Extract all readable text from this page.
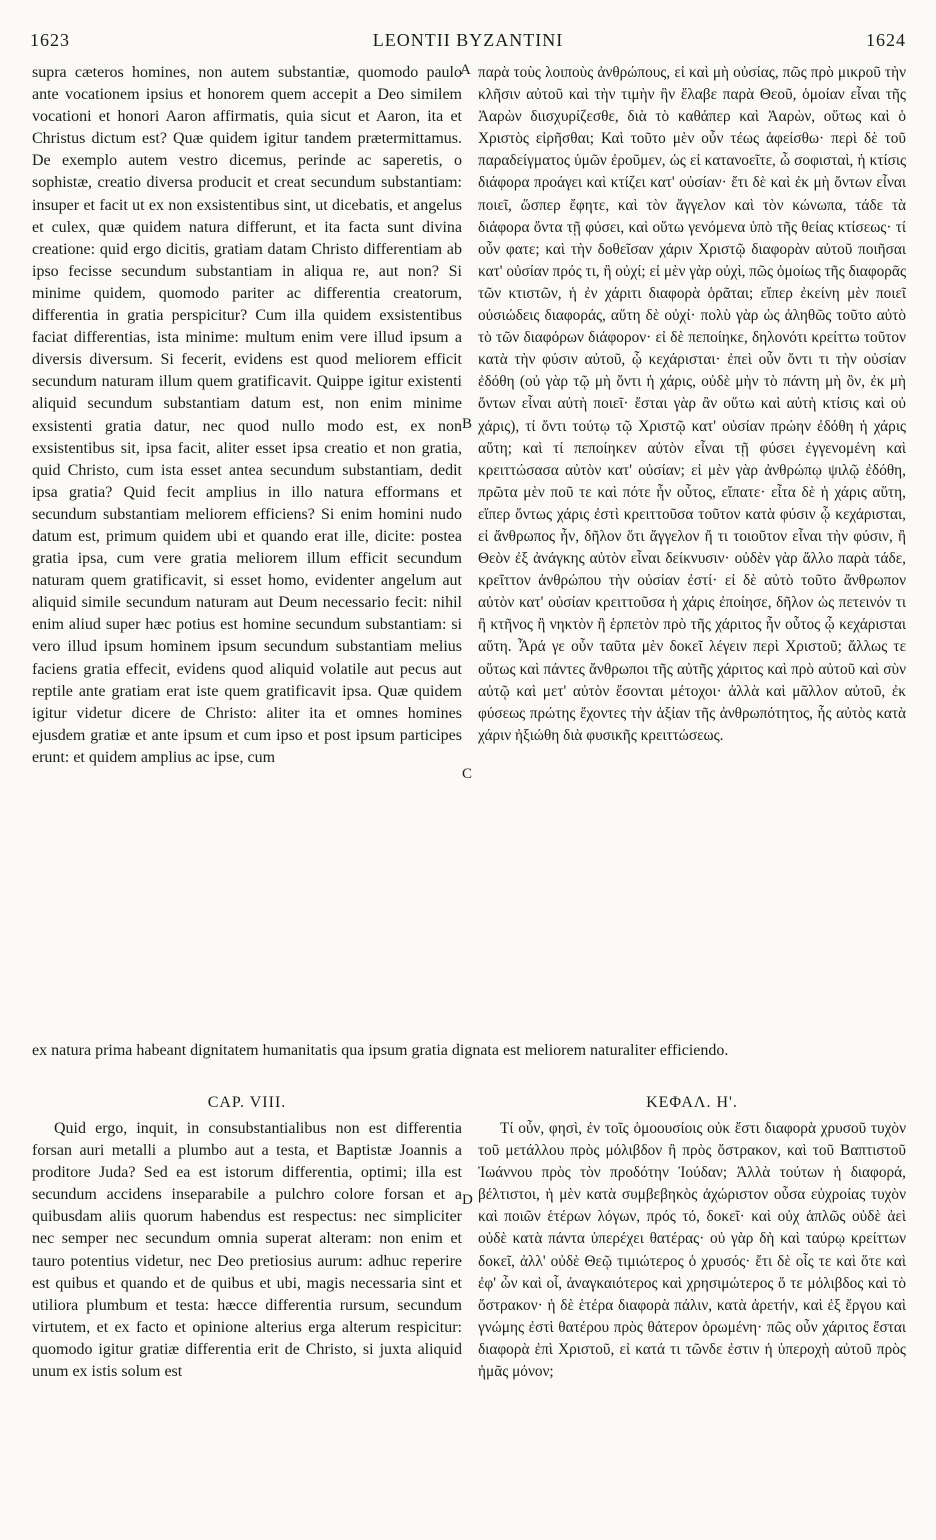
1623	LEONTII BYZANTINI	1624
A
B
C
D

supra cæteros homines, non autem substantiæ, quomodo paulo ante vocationem ipsius et honorem quem accepit a Deo similem vocationi et honori Aaron affirmatis, quia sicut et Aaron, ita et Christus dictum est? Quæ quidem igitur tandem prætermittamus. De exemplo autem vestro dicemus, perinde ac saperetis, o sophistæ, creatio diversa producit et creat secundum substantiam: insuper et facit ut ex non exsistentibus sint, ut dicebatis, et angelus et culex, quæ quidem natura differunt, et ita facta sunt divina creatione: quid ergo dicitis, gratiam datam Christo differentiam ab ipso fecisse secundum substantiam in aliqua re, aut non? Si minime quidem, quomodo pariter ac differentia creatorum, differentia in gratia perspicitur? Cum illa quidem exsistentibus faciat differentias, ista minime: multum enim vere illud ipsum a diversis diversum. Si fecerit, evidens est quod meliorem efficit secundum naturam illum quem gratificavit. Quippe igitur existenti aliquid secundum substantiam datum est, non enim minime exsistenti gratia datur, nec quod nullo modo est, ex non exsistentibus sit, ipsa facit, aliter esset ipsa creatio et non gratia, quid Christo, cum ista esset antea secundum substantiam, dedit ipsa gratia? Quid fecit amplius in illo natura efformans et secundum substantiam meliorem efficiens? Si enim homini nudo datum est, primum quidem ubi et quando erat ille, dicite: postea gratia ipsa, cum vere gratia meliorem illum efficit secundum naturam quem gratificavit, si esset homo, evidenter angelum aut aliquid simile secundum naturam aut Deum necessario fecit: nihil enim aliud super hæc potius est homine secundum substantiam: si vero illud ipsum hominem ipsum secundum substantiam melius faciens gratia effecit, evidens quod aliquid volatile aut pecus aut reptile ante gratiam erat iste quem gratificavit ipsa. Quæ quidem igitur videtur dicere de Christo: aliter ita et omnes homines ejusdem gratiæ et ante ipsum et cum ipso et post ipsum participes erunt: et quidem amplius ac ipse, cum

παρὰ τοὺς λοιποὺς ἀνθρώπους, εἰ καὶ μὴ οὐσίας, πῶς πρὸ μικροῦ τὴν κλῆσιν αὐτοῦ καὶ τὴν τιμὴν ἣν ἔλαβε παρὰ Θεοῦ, ὁμοίαν εἶναι τῆς Ἀαρὼν διισχυρίζεσθε, διὰ τὸ καθάπερ καὶ Ἀαρὼν, οὕτως καὶ ὁ Χριστὸς εἰρῆσθαι; Καὶ τοῦτο μὲν οὖν τέως ἀφείσθω· περὶ δὲ τοῦ παραδείγματος ὑμῶν ἐροῦμεν, ὡς εἰ κατανοεῖτε, ὦ σοφισταὶ, ἡ κτίσις διάφορα προάγει καὶ κτίζει κατ' οὐσίαν· ἔτι δὲ καὶ ἐκ μὴ ὄντων εἶναι ποιεῖ, ὥσπερ ἔφητε, καὶ τὸν ἄγγελον καὶ τὸν κώνωπα, τάδε τὰ διάφορα ὄντα τῇ φύσει, καὶ οὕτω γενόμενα ὑπὸ τῆς θείας κτίσεως· τί οὖν φατε; καὶ τὴν δοθεῖσαν χάριν Χριστῷ διαφορὰν αὐτοῦ ποιῆσαι κατ' οὐσίαν πρός τι, ἢ οὐχί; εἰ μὲν γὰρ οὐχὶ, πῶς ὁμοίως τῆς διαφορᾶς τῶν κτιστῶν, ἡ ἐν χάριτι διαφορὰ ὁρᾶται; εἴπερ ἐκείνη μὲν ποιεῖ οὐσιώδεις διαφοράς, αὕτη δὲ οὐχί· πολὺ γὰρ ὡς ἀληθῶς τοῦτο αὐτὸ τὸ τῶν διαφόρων διάφορον· εἰ δὲ πεποίηκε, δηλονότι κρείττω τοῦτον κατὰ τὴν φύσιν αὐτοῦ, ᾧ κεχάρισται· ἐπεὶ οὖν ὄντι τι τὴν οὐσίαν ἐδόθη (οὐ γὰρ τῷ μὴ ὄντι ἡ χάρις, οὐδὲ μὴν τὸ πάντη μὴ ὂν, ἐκ μὴ ὄντων εἶναι αὐτὴ ποιεῖ· ἔσται γὰρ ἂν οὕτω καὶ αὐτὴ κτίσις καὶ οὐ χάρις), τί ὄντι τούτῳ τῷ Χριστῷ κατ' οὐσίαν πρώην ἐδόθη ἡ χάρις αὕτη; καὶ τί πεποίηκεν αὐτὸν εἶναι τῇ φύσει ἐγγενομένη καὶ κρειττώσασα αὐτὸν κατ' οὐσίαν; εἰ μὲν γὰρ ἀνθρώπῳ ψιλῷ ἐδόθη, πρῶτα μὲν ποῦ τε καὶ πότε ἦν οὗτος, εἴπατε· εἶτα δὲ ἡ χάρις αὕτη, εἴπερ ὄντως χάρις ἐστὶ κρειττοῦσα τοῦτον κατὰ φύσιν ᾧ κεχάρισται, εἰ ἄνθρωπος ἦν, δῆλον ὅτι ἄγγελον ἤ τι τοιοῦτον εἶναι τὴν φύσιν, ἢ Θεὸν ἐξ ἀνάγκης αὐτὸν εἶναι δείκνυσιν· οὐδὲν γὰρ ἄλλο παρὰ τάδε, κρεῖττον ἀνθρώπου τὴν οὐσίαν ἐστί· εἰ δὲ αὐτὸ τοῦτο ἄνθρωπον αὐτὸν κατ' οὐσίαν κρειττοῦσα ἡ χάρις ἐποίησε, δῆλον ὡς πετεινόν τι ἢ κτῆνος ἢ νηκτὸν ἢ ἑρπετὸν πρὸ τῆς χάριτος ἦν οὗτος ᾧ κεχάρισται αὕτη. Ἆρά γε οὖν ταῦτα μὲν δοκεῖ λέγειν περὶ Χριστοῦ; ἄλλως τε οὕτως καὶ πάντες ἄνθρωποι τῆς αὐτῆς χάριτος καὶ πρὸ αὐτοῦ καὶ σὺν αὐτῷ καὶ μετ' αὐτὸν ἔσονται μέτοχοι· ἀλλὰ καὶ μᾶλλον αὐτοῦ, ἐκ φύσεως πρώτης ἔχοντες τὴν ἀξίαν τῆς ἀνθρωπότητος, ἧς αὐτὸς κατὰ χάριν ἠξιώθη διὰ φυσικῆς κρειττώσεως.

ex natura prima habeant dignitatem humanitatis qua ipsum gratia dignata est meliorem naturaliter efficiendo.

CAP. VIII.	ΚΕΦΑΛ. Η'.

Quid ergo, inquit, in consubstantialibus non est differentia forsan auri metalli a plumbo aut a testa, et Baptistæ Joannis a proditore Juda? Sed ea est istorum differentia, optimi; illa est secundum accidens inseparabile a pulchro colore forsan et a quibusdam aliis quorum habendus est respectus: nec simpliciter nec semper nec secundum omnia superat alteram: non enim et tauro potentius videtur, nec Deo pretiosius aurum: adhuc reperire est quibus et quando et de quibus et ubi, magis necessaria sint et utiliora plumbum et testa: hæcce differentia rursum, secundum virtutem, et ex facto et opinione alterius erga alterum respicitur: quomodo igitur gratiæ differentia erit de Christo, si juxta aliquid unum ex istis solum est

Τί οὖν, φησὶ, ἐν τοῖς ὁμοουσίοις οὐκ ἔστι διαφορὰ χρυσοῦ τυχὸν τοῦ μετάλλου πρὸς μόλιβδον ἢ πρὸς ὄστρακον, καὶ τοῦ Βαπτιστοῦ Ἰωάννου πρὸς τὸν προδότην Ἰούδαν; Ἀλλὰ τούτων ἡ διαφορά, βέλτιστοι, ἡ μὲν κατὰ συμβεβηκὸς ἀχώριστον οὖσα εὐχροίας τυχὸν καὶ ποιῶν ἑτέρων λόγων, πρός τό, δοκεῖ· καὶ οὐχ ἁπλῶς οὐδὲ ἀεὶ οὐδὲ κατὰ πάντα ὑπερέχει θατέρας· οὐ γὰρ δὴ καὶ ταύρῳ κρείττων δοκεῖ, ἀλλ' οὐδὲ Θεῷ τιμιώτερος ὁ χρυσός· ἔτι δὲ οἷς τε καὶ ὅτε καὶ ἐφ' ὧν καὶ οἷ, ἀναγκαιότερος καὶ χρησιμώτερος ὅ τε μόλιβδος καὶ τὸ ὄστρακον· ἡ δὲ ἑτέρα διαφορὰ πάλιν, κατὰ ἀρετήν, καὶ ἐξ ἔργου καὶ γνώμης ἐστὶ θατέρου πρὸς θάτερον ὁρωμένη· πῶς οὖν χάριτος ἔσται διαφορὰ ἐπὶ Χριστοῦ, εἰ κατά τι τῶνδε ἐστιν ἡ ὑπεροχὴ αὐτοῦ πρὸς ἡμᾶς μόνον;
